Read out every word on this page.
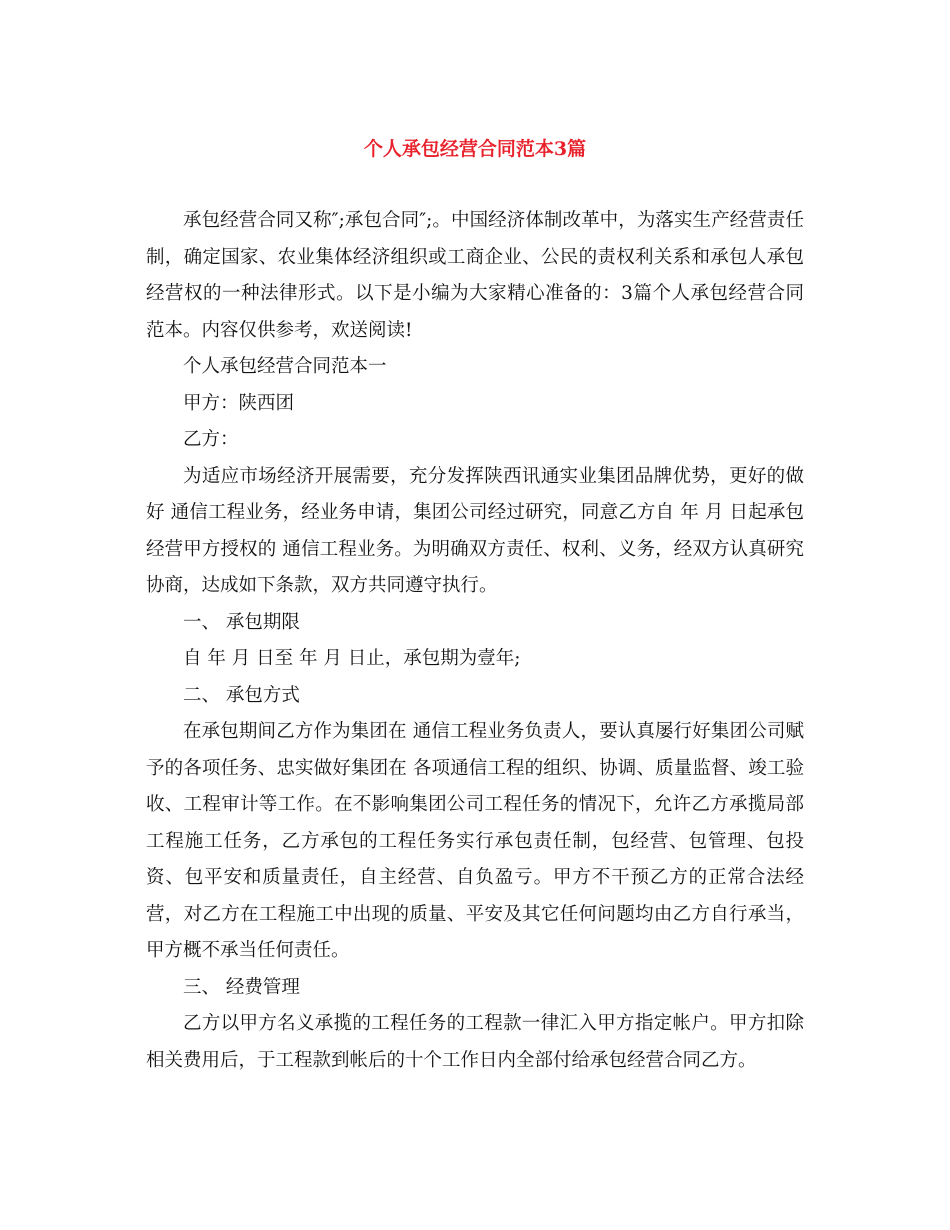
个人承包经营合同范本3篇

承包经营合同又称″;承包合同″;。中国经济体制改革中，为落实生产经营责任制，确定国家、农业集体经济组织或工商企业、公民的责权利关系和承包人承包经营权的一种法律形式。以下是小编为大家精心准备的：3篇个人承包经营合同范本。内容仅供参考，欢送阅读!

个人承包经营合同范本一

甲方：陕西团

乙方：

为适应市场经济开展需要，充分发挥陕西讯通实业集团品牌优势，更好的做好 通信工程业务，经业务申请，集团公司经过研究，同意乙方自 年 月 日起承包经营甲方授权的 通信工程业务。为明确双方责任、权利、义务，经双方认真研究协商，达成如下条款，双方共同遵守执行。

一、 承包期限

自 年 月 日至 年 月 日止，承包期为壹年;

二、 承包方式

在承包期间乙方作为集团在 通信工程业务负责人，要认真屡行好集团公司赋予的各项任务、忠实做好集团在 各项通信工程的组织、协调、质量监督、竣工验收、工程审计等工作。在不影响集团公司工程任务的情况下，允许乙方承揽局部工程施工任务，乙方承包的工程任务实行承包责任制，包经营、包管理、包投资、包平安和质量责任，自主经营、自负盈亏。甲方不干预乙方的正常合法经营，对乙方在工程施工中出现的质量、平安及其它任何问题均由乙方自行承当，甲方概不承当任何责任。

三、 经费管理

乙方以甲方名义承揽的工程任务的工程款一律汇入甲方指定帐户。甲方扣除相关费用后，于工程款到帐后的十个工作日内全部付给承包经营合同乙方。
